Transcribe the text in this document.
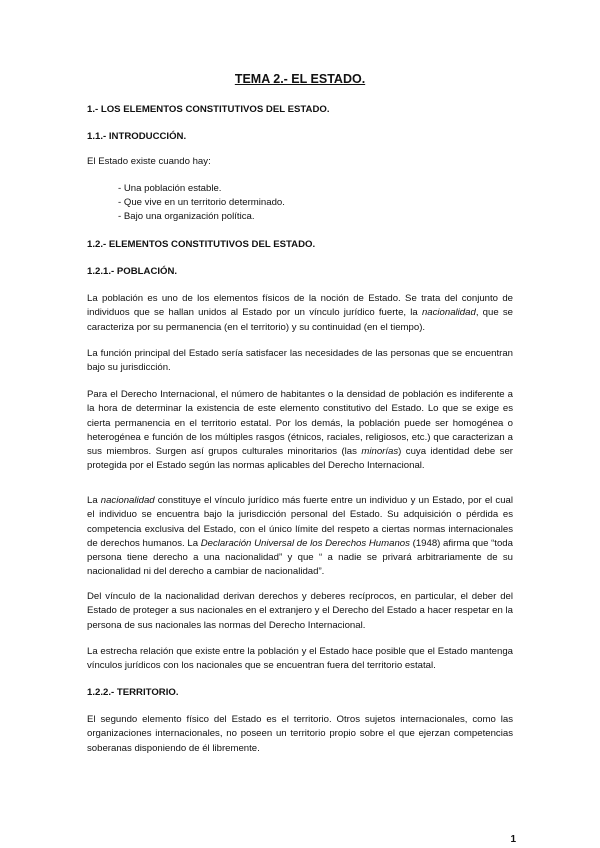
TEMA 2.- EL ESTADO.
1.- LOS ELEMENTOS CONSTITUTIVOS DEL ESTADO.
1.1.- INTRODUCCIÓN.
El Estado existe cuando hay:
- Una población estable.
- Que vive en un territorio determinado.
- Bajo una organización política.
1.2.- ELEMENTOS CONSTITUTIVOS DEL ESTADO.
1.2.1.- POBLACIÓN.

La población es uno de los elementos físicos de la noción de Estado. Se trata del conjunto de individuos que se hallan unidos al Estado por un vínculo jurídico fuerte, la nacionalidad, que se caracteriza por su permanencia (en el territorio) y su continuidad (en el tiempo).

La función principal del Estado sería satisfacer las necesidades de las personas que se encuentran bajo su jurisdicción.

Para el Derecho Internacional, el número de habitantes o la densidad de población es indiferente a la hora de determinar la existencia de este elemento constitutivo del Estado. Lo que se exige es cierta permanencia en el territorio estatal. Por los demás, la población puede ser homogénea o heterogénea e función de los múltiples rasgos (étnicos, raciales, religiosos, etc.) que caracterizan a sus miembros. Surgen así grupos culturales minoritarios (las minorías) cuya identidad debe ser protegida por el Estado según las normas aplicables del Derecho Internacional.

La nacionalidad constituye el vínculo jurídico más fuerte entre un individuo y un Estado, por el cual el individuo se encuentra bajo la jurisdicción personal del Estado. Su adquisición o pérdida es competencia exclusiva del Estado, con el único límite del respeto a ciertas normas internacionales de derechos humanos. La Declaración Universal de los Derechos Humanos (1948) afirma que “toda persona tiene derecho a una nacionalidad” y que “ a nadie se privará arbitrariamente de su nacionalidad ni del derecho a cambiar de nacionalidad”.

Del vínculo de la nacionalidad derivan derechos y deberes recíprocos, en particular, el deber del Estado de proteger a sus nacionales en el extranjero y el Derecho del Estado a hacer respetar en la persona de sus nacionales las normas del Derecho Internacional.

La estrecha relación que existe entre la población y el Estado hace posible que el Estado mantenga vínculos jurídicos con los nacionales que se encuentran fuera del territorio estatal.

1.2.2.- TERRITORIO.

El segundo elemento físico del Estado es el territorio. Otros sujetos internacionales, como las organizaciones internacionales, no poseen un territorio propio sobre el que ejerzan competencias soberanas disponiendo de él libremente.

1
